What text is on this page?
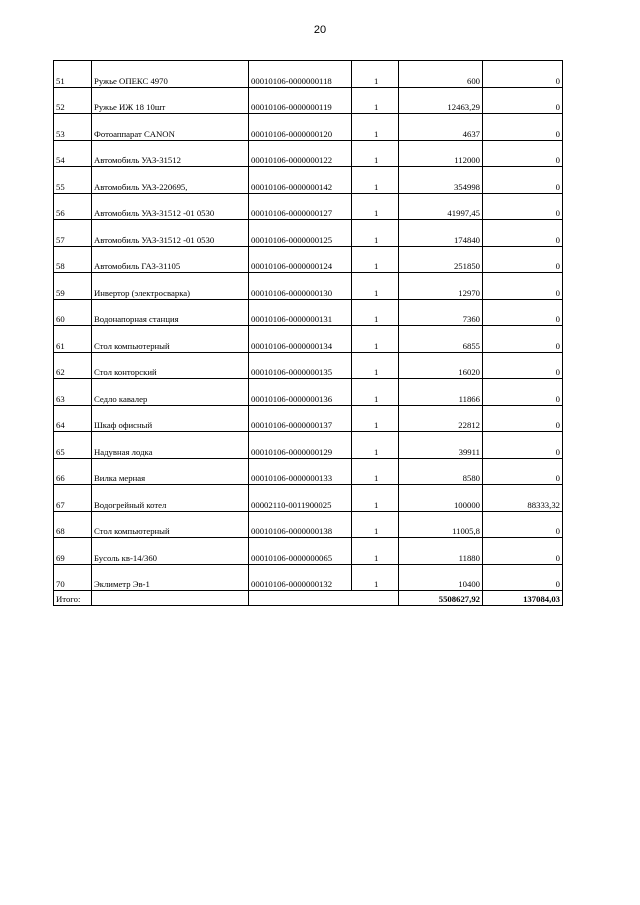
20
51	Ружье ОПЕКС 4970	00010106-0000000118	1	600	0
52	Ружье ИЖ 18 10шт	00010106-0000000119	1	12463,29	0
53	Фотоаппарат CANON	00010106-0000000120	1	4637	0
54	Автомобиль УАЗ-31512	00010106-0000000122	1	112000	0
55	Автомобиль УАЗ-220695,	00010106-0000000142	1	354998	0
56	Автомобиль УАЗ-31512 -01 0530	00010106-0000000127	1	41997,45	0
57	Автомобиль УАЗ-31512 -01 0530	00010106-0000000125	1	174840	0
58	Автомобиль ГАЗ-31105	00010106-0000000124	1	251850	0
59	Инвертор (электросварка)	00010106-0000000130	1	12970	0
60	Водонапорная станция	00010106-0000000131	1	7360	0
61	Стол компьютерный	00010106-0000000134	1	6855	0
62	Стол конторский	00010106-0000000135	1	16020	0
63	Седло кавалер	00010106-0000000136	1	11866	0
64	Шкаф офисный	00010106-0000000137	1	22812	0
65	Надувная лодка	00010106-0000000129	1	39911	0
66	Вилка мерная	00010106-0000000133	1	8580	0
67	Водогрейный котел	00002110-0011900025	1	100000	88333,32
68	Стол компьютерный	00010106-0000000138	1	11005,8	0
69	Бусоль кв-14/360	00010106-0000000065	1	11880	0
70	Эклиметр Эв-1	00010106-0000000132	1	10400	0
Итого:				5508627,92	137084,03
